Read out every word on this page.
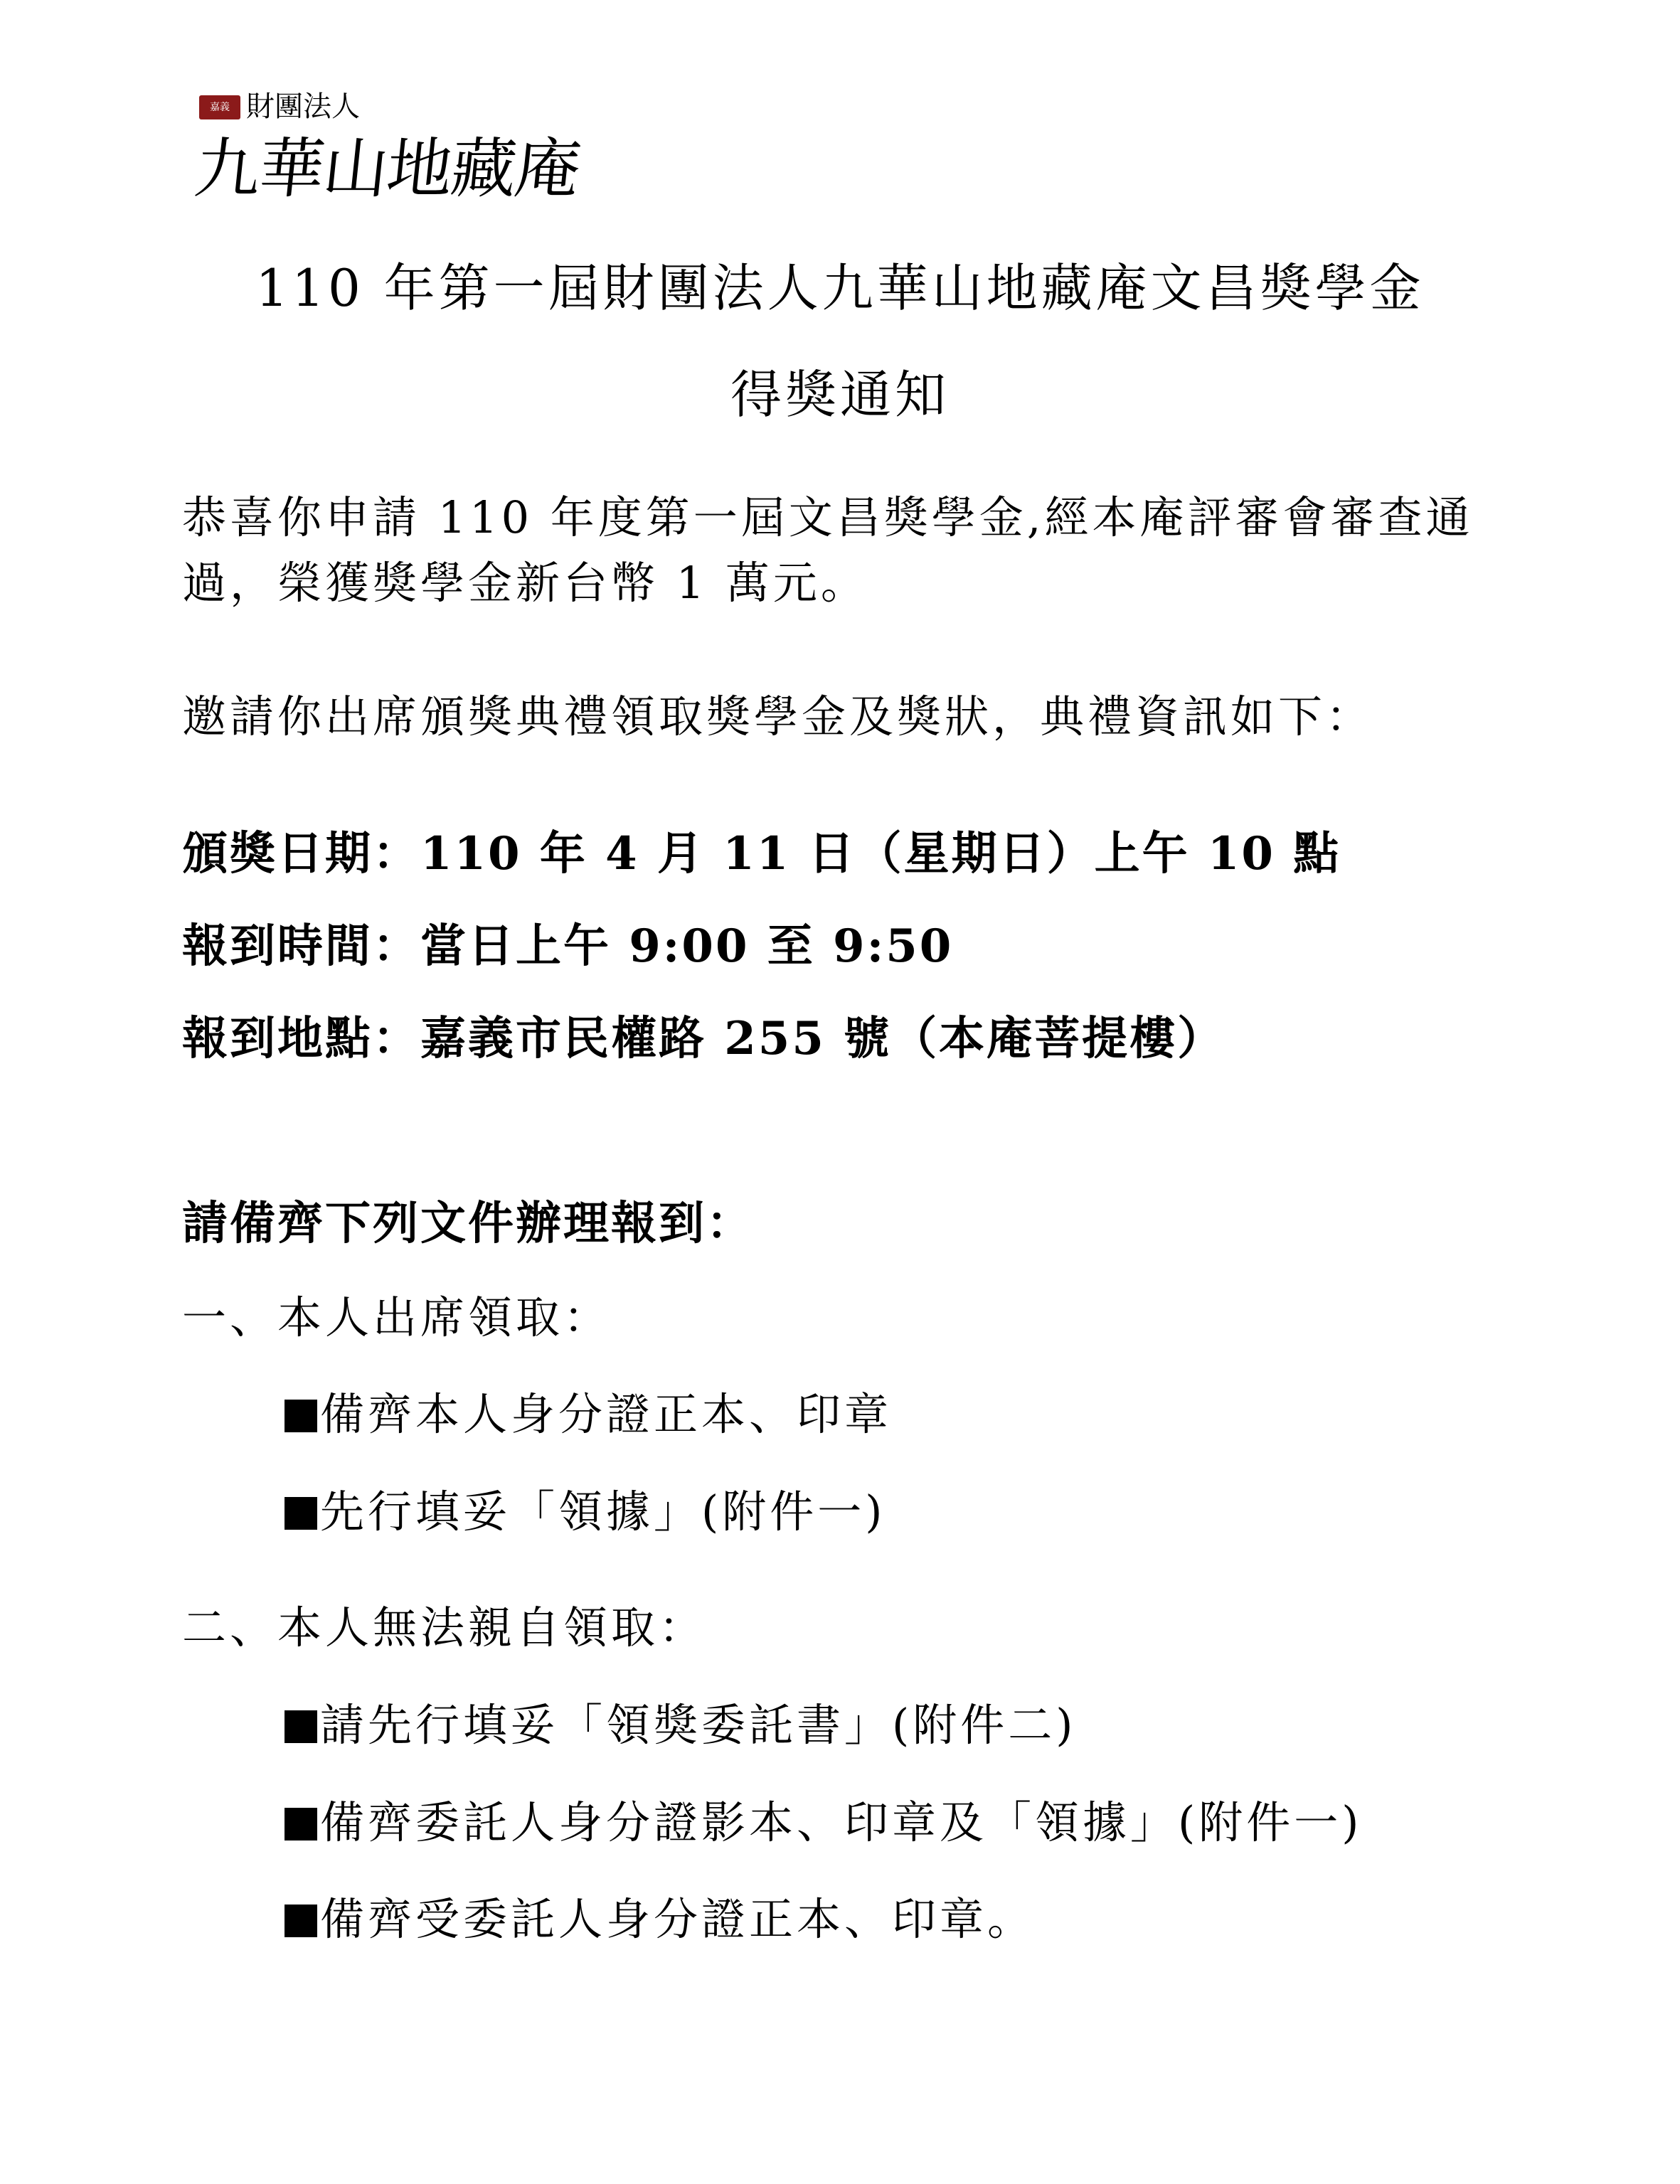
嘉義 財團法人
九華山地藏庵
110 年第一屆財團法人九華山地藏庵文昌獎學金
得獎通知
恭喜你申請 110 年度第一屆文昌獎學金,經本庵評審會審查通過，榮獲獎學金新台幣 1 萬元。
邀請你出席頒獎典禮領取獎學金及獎狀，典禮資訊如下：
頒獎日期：110 年 4 月 11 日（星期日）上午 10 點
報到時間：當日上午 9:00 至 9:50
報到地點：嘉義市民權路 255 號（本庵菩提樓）
請備齊下列文件辦理報到：
一、本人出席領取：
備齊本人身分證正本、印章
先行填妥「領據」(附件一)
二、本人無法親自領取：
請先行填妥「領獎委託書」(附件二)
備齊委託人身分證影本、印章及「領據」(附件一)
備齊受委託人身分證正本、印章。
